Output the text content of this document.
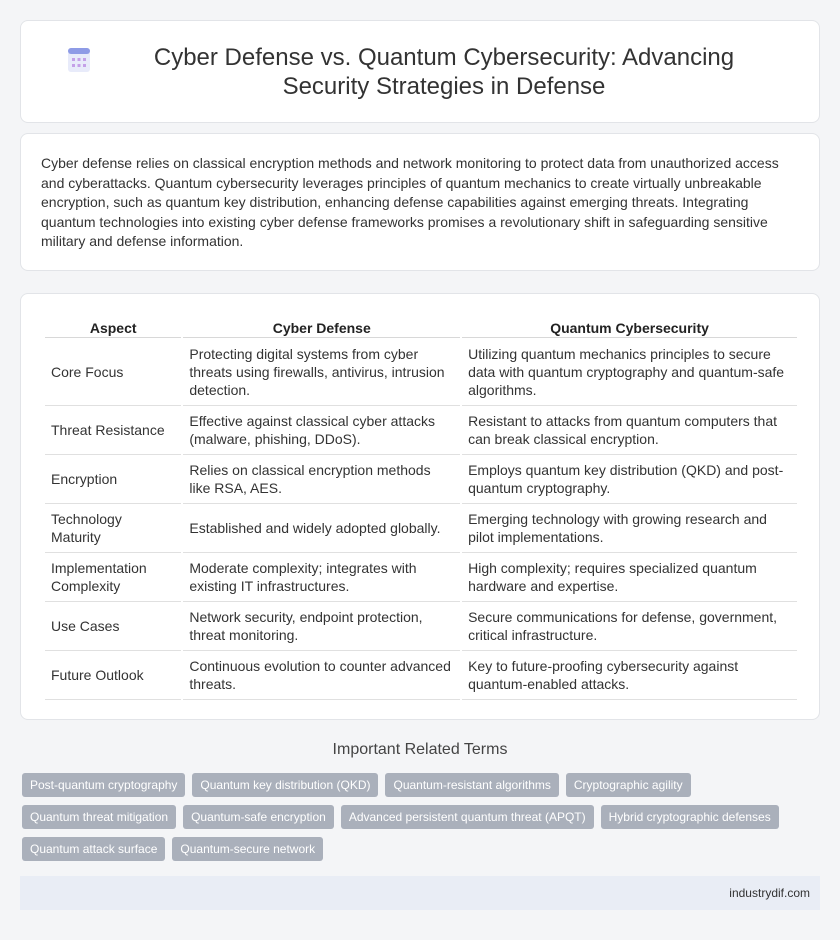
Cyber Defense vs. Quantum Cybersecurity: Advancing Security Strategies in Defense

Cyber defense relies on classical encryption methods and network monitoring to protect data from unauthorized access and cyberattacks. Quantum cybersecurity leverages principles of quantum mechanics to create virtually unbreakable encryption, such as quantum key distribution, enhancing defense capabilities against emerging threats. Integrating quantum technologies into existing cyber defense frameworks promises a revolutionary shift in safeguarding sensitive military and defense information.

Aspect	Cyber Defense	Quantum Cybersecurity
Core Focus	Protecting digital systems from cyber threats using firewalls, antivirus, intrusion detection.	Utilizing quantum mechanics principles to secure data with quantum cryptography and quantum-safe algorithms.
Threat Resistance	Effective against classical cyber attacks (malware, phishing, DDoS).	Resistant to attacks from quantum computers that can break classical encryption.
Encryption	Relies on classical encryption methods like RSA, AES.	Employs quantum key distribution (QKD) and post-quantum cryptography.
Technology Maturity	Established and widely adopted globally.	Emerging technology with growing research and pilot implementations.
Implementation Complexity	Moderate complexity; integrates with existing IT infrastructures.	High complexity; requires specialized quantum hardware and expertise.
Use Cases	Network security, endpoint protection, threat monitoring.	Secure communications for defense, government, critical infrastructure.
Future Outlook	Continuous evolution to counter advanced threats.	Key to future-proofing cybersecurity against quantum-enabled attacks.
Important Related Terms
Post-quantum cryptography	Quantum key distribution (QKD)	Quantum-resistant algorithms	Cryptographic agility
Quantum threat mitigation	Quantum-safe encryption	Advanced persistent quantum threat (APQT)	Hybrid cryptographic defenses
Quantum attack surface	Quantum-secure network
industrydif.com
